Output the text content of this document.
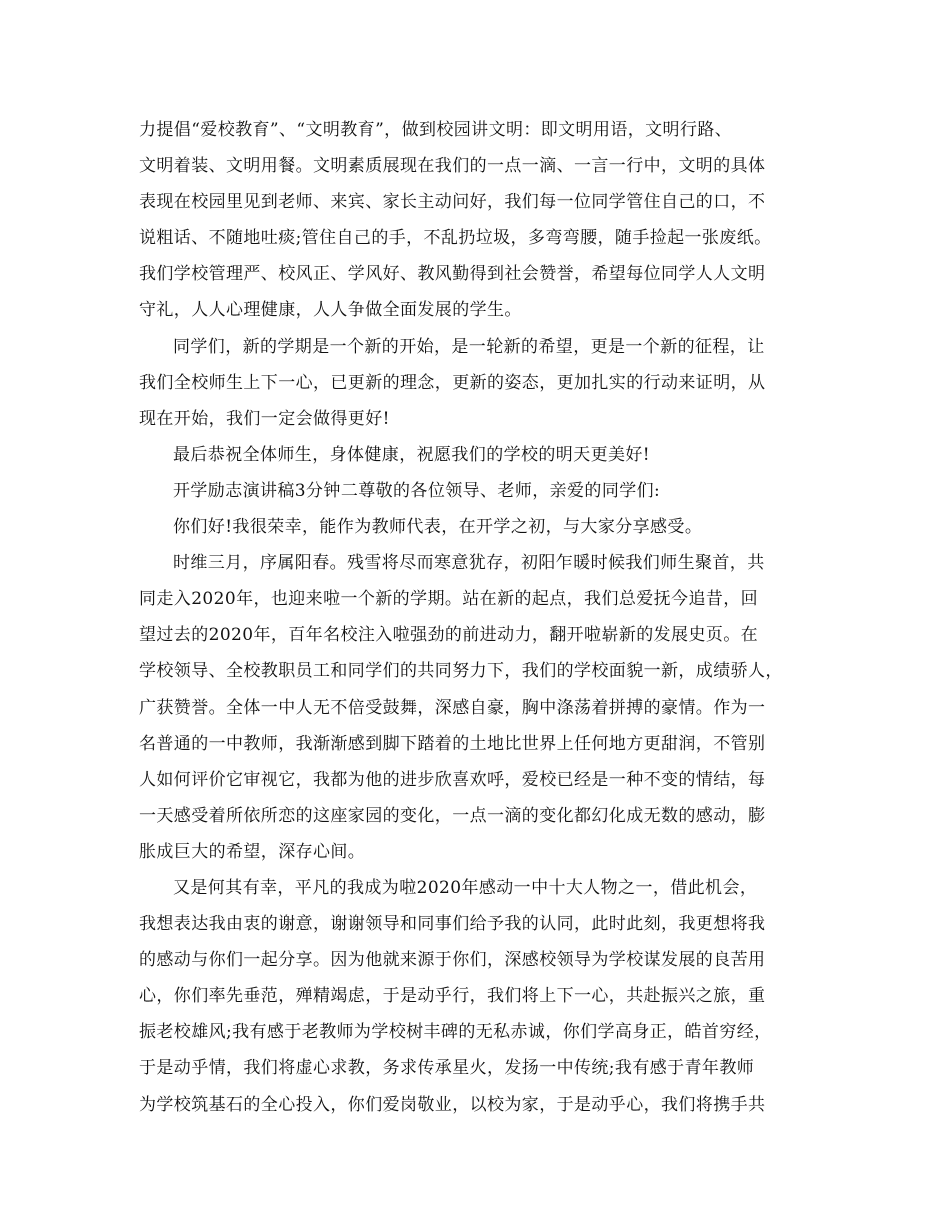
力提倡“爱校教育”、“文明教育”，做到校园讲文明：即文明用语，文明行路、
文明着装、文明用餐。文明素质展现在我们的一点一滴、一言一行中，文明的具体
表现在校园里见到老师、来宾、家长主动问好，我们每一位同学管住自己的口，不
说粗话、不随地吐痰;管住自己的手，不乱扔垃圾，多弯弯腰，随手捡起一张废纸。
我们学校管理严、校风正、学风好、教风勤得到社会赞誉，希望每位同学人人文明
守礼，人人心理健康，人人争做全面发展的学生。
同学们，新的学期是一个新的开始，是一轮新的希望，更是一个新的征程，让
我们全校师生上下一心，已更新的理念，更新的姿态，更加扎实的行动来证明，从
现在开始，我们一定会做得更好!
最后恭祝全体师生，身体健康，祝愿我们的学校的明天更美好!
开学励志演讲稿3分钟二尊敬的各位领导、老师，亲爱的同学们:
你们好!我很荣幸，能作为教师代表，在开学之初，与大家分享感受。
时维三月，序属阳春。残雪将尽而寒意犹存，初阳乍暖时候我们师生聚首，共
同走入2020年，也迎来啦一个新的学期。站在新的起点，我们总爱抚今追昔，回
望过去的2020年，百年名校注入啦强劲的前进动力，翻开啦崭新的发展史页。在
学校领导、全校教职员工和同学们的共同努力下，我们的学校面貌一新，成绩骄人，
广获赞誉。全体一中人无不倍受鼓舞，深感自豪，胸中涤荡着拼搏的豪情。作为一
名普通的一中教师，我渐渐感到脚下踏着的土地比世界上任何地方更甜润，不管别
人如何评价它审视它，我都为他的进步欣喜欢呼，爱校已经是一种不变的情结，每
一天感受着所依所恋的这座家园的变化，一点一滴的变化都幻化成无数的感动，膨
胀成巨大的希望，深存心间。
又是何其有幸，平凡的我成为啦2020年感动一中十大人物之一，借此机会，
我想表达我由衷的谢意，谢谢领导和同事们给予我的认同，此时此刻，我更想将我
的感动与你们一起分享。因为他就来源于你们，深感校领导为学校谋发展的良苦用
心，你们率先垂范，殚精竭虑，于是动乎行，我们将上下一心，共赴振兴之旅，重
振老校雄风;我有感于老教师为学校树丰碑的无私赤诚，你们学高身正，皓首穷经，
于是动乎情，我们将虚心求教，务求传承星火，发扬一中传统;我有感于青年教师
为学校筑基石的全心投入，你们爱岗敬业，以校为家，于是动乎心，我们将携手共
